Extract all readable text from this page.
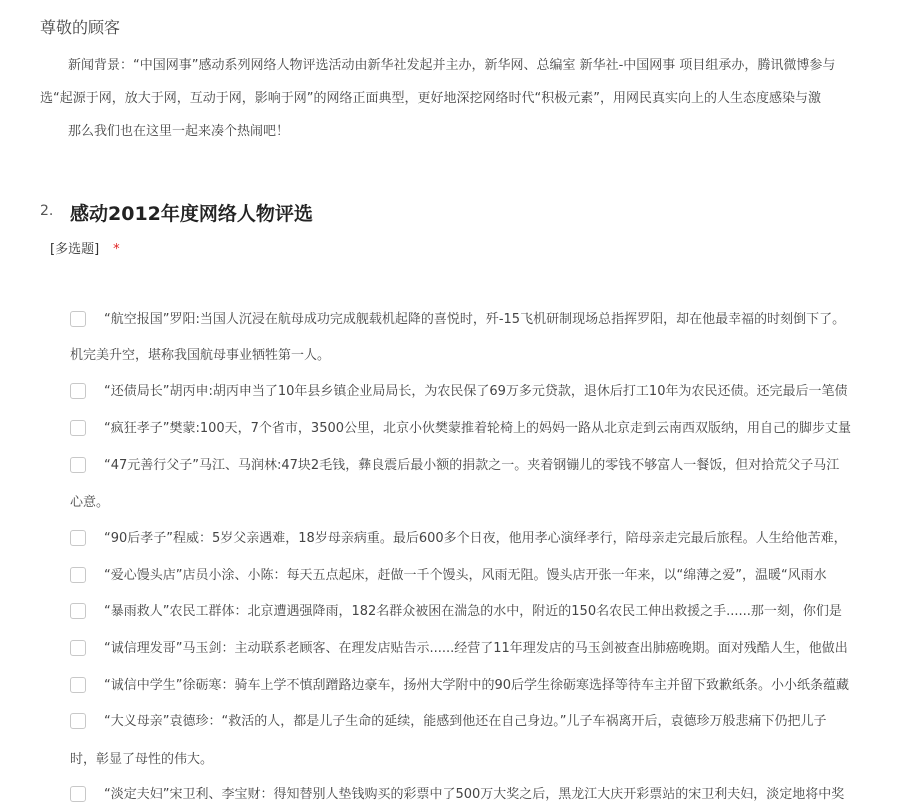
尊敬的顾客
新闻背景：“中国网事”感动系列网络人物评选活动由新华社发起并主办，新华网、总编室 新华社-中国网事 项目组承办，腾讯微博参与
选“起源于网，放大于网，互动于网，影响于网”的网络正面典型，更好地深挖网络时代“积极元素”，用网民真实向上的人生态度感染与激
那么我们也在这里一起来凑个热闹吧！
2. 感动2012年度网络人物评选
[多选题] *
“航空报国”罗阳:当国人沉浸在航母成功完成舰载机起降的喜悦时，歼-15飞机研制现场总指挥罗阳，却在他最幸福的时刻倒下了。
机完美升空，堪称我国航母事业牺牲第一人。
“还债局长”胡丙申:胡丙申当了10年县乡镇企业局局长，为农民保了69万多元贷款，退休后打工10年为农民还债。还完最后一笔债
“疯狂孝子”樊蒙:100天，7个省市，3500公里，北京小伙樊蒙推着轮椅上的妈妈一路从北京走到云南西双版纳，用自己的脚步丈量
“47元善行父子”马江、马润林:47块2毛钱，彝良震后最小额的捐款之一。夹着钢镚儿的零钱不够富人一餐饭，但对拾荒父子马江
心意。
“90后孝子”程威：5岁父亲遇难，18岁母亲病重。最后600多个日夜，他用孝心演绎孝行，陪母亲走完最后旅程。人生给他苦难，
“爱心馒头店”店员小涂、小陈：每天五点起床，赶做一千个馒头，风雨无阻。馒头店开张一年来，以“绵薄之爱”，温暖“风雨水
“暴雨救人”农民工群体：北京遭遇强降雨，182名群众被困在湍急的水中，附近的150名农民工伸出救援之手......那一刻，你们是
“诚信理发哥”马玉剑：主动联系老顾客、在理发店贴告示......经营了11年理发店的马玉剑被查出肺癌晚期。面对残酷人生，他做出
“诚信中学生”徐砺寒：骑车上学不慎刮蹭路边豪车，扬州大学附中的90后学生徐砺寒选择等待车主并留下致歉纸条。小小纸条蕴藏
“大义母亲”袁德珍：“救活的人，都是儿子生命的延续，能感到他还在自己身边。”儿子车祸离开后，袁德珍万般悲痛下仍把儿子
时，彰显了母性的伟大。
“淡定夫妇”宋卫利、李宝财：得知替别人垫钱购买的彩票中了500万大奖之后，黑龙江大庆开彩票站的宋卫利夫妇，淡定地将中奖
